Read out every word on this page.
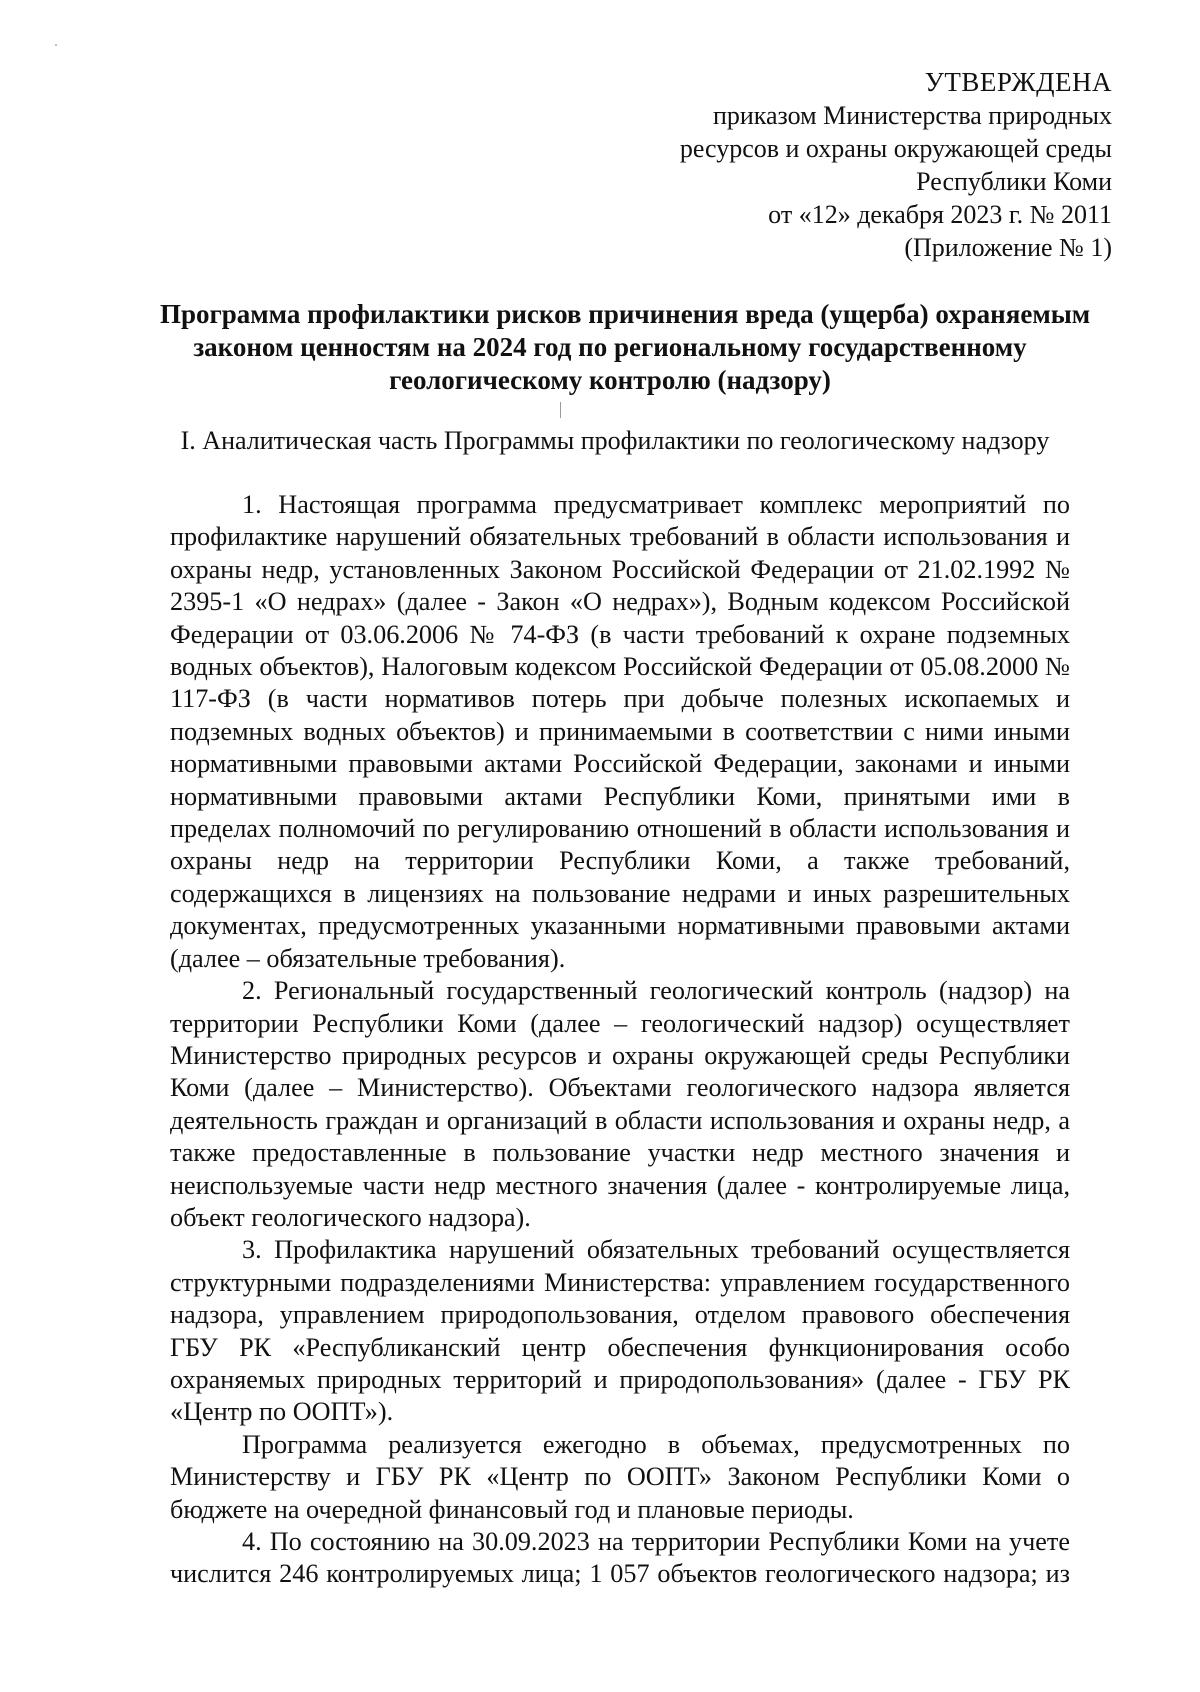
УТВЕРЖДЕНА
приказом Министерства природных
ресурсов и охраны окружающей среды
Республики Коми
от «12» декабря 2023 г. № 2011
(Приложение № 1)
Программа профилактики рисков причинения вреда (ущерба) охраняемым
законом ценностям на 2024 год по региональному государственному
геологическому контролю (надзору)
I. Аналитическая часть Программы профилактики по геологическому надзору

1. Настоящая программа предусматривает комплекс мероприятий по профилактике нарушений обязательных требований в области использования и охраны недр, установленных Законом Российской Федерации от 21.02.1992 № 2395-1 «О недрах» (далее - Закон «О недрах»), Водным кодексом Российской Федерации от 03.06.2006 № 74-ФЗ (в части требований к охране подземных водных объектов), Налоговым кодексом Российской Федерации от 05.08.2000 № 117-ФЗ (в части нормативов потерь при добыче полезных ископаемых и подземных водных объектов) и принимаемыми в соответствии с ними иными нормативными правовыми актами Российской Федерации, законами и иными нормативными правовыми актами Республики Коми, принятыми ими в пределах полномочий по регулированию отношений в области использования и охраны недр на территории Республики Коми, а также требований, содержащихся в лицензиях на пользование недрами и иных разрешительных документах, предусмотренных указанными нормативными правовыми актами (далее – обязательные требования).

2. Региональный государственный геологический контроль (надзор) на территории Республики Коми (далее – геологический надзор) осуществляет Министерство природных ресурсов и охраны окружающей среды Республики Коми (далее – Министерство). Объектами геологического надзора является деятельность граждан и организаций в области использования и охраны недр, а также предоставленные в пользование участки недр местного значения и неиспользуемые части недр местного значения (далее - контролируемые лица, объект геологического надзора).

3. Профилактика нарушений обязательных требований осуществляется структурными подразделениями Министерства: управлением государственного надзора, управлением природопользования, отделом правового обеспечения ГБУ РК «Республиканский центр обеспечения функционирования особо охраняемых природных территорий и природопользования» (далее - ГБУ РК «Центр по ООПТ»).

Программа реализуется ежегодно в объемах, предусмотренных по Министерству и ГБУ РК «Центр по ООПТ» Законом Республики Коми о бюджете на очередной финансовый год и плановые периоды.

4. По состоянию на 30.09.2023 на территории Республики Коми на учете числится 246 контролируемых лица; 1 057 объектов геологического надзора; из
